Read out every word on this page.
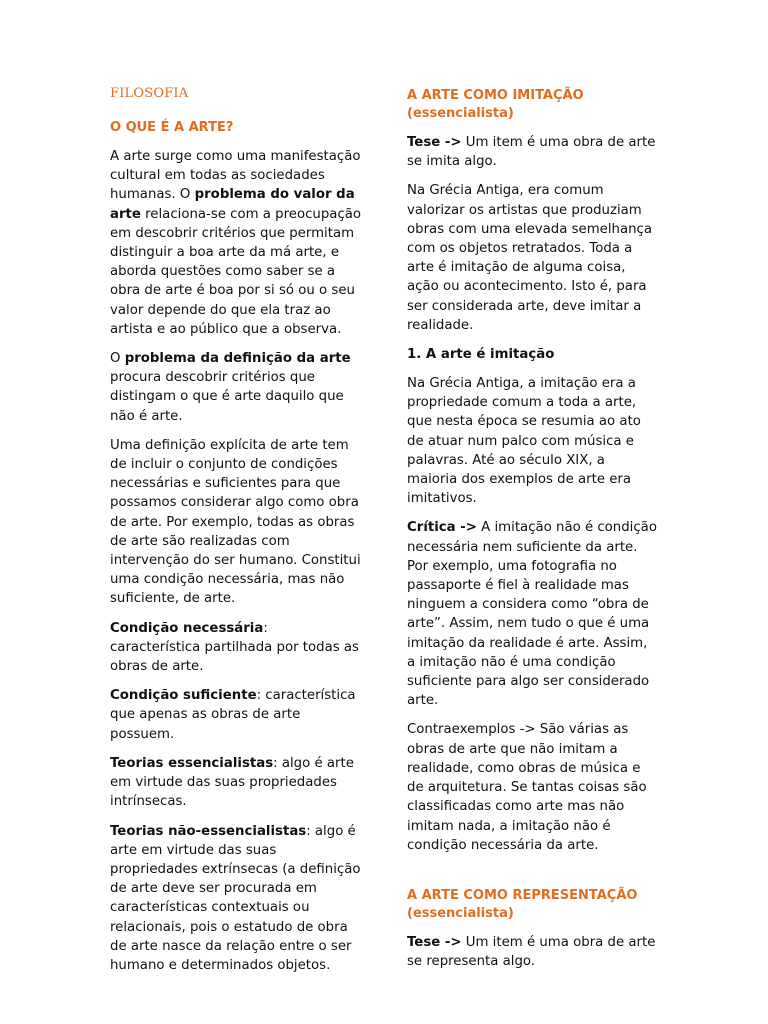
FILOSOFIA
O QUE É A ARTE?

A arte surge como uma manifestação cultural em todas as sociedades humanas. O problema do valor da arte relaciona-se com a preocupação em descobrir critérios que permitam distinguir a boa arte da má arte, e aborda questões como saber se a obra de arte é boa por si só ou o seu valor depende do que ela traz ao artista e ao público que a observa.

O problema da definição da arte procura descobrir critérios que distingam o que é arte daquilo que não é arte.

Uma definição explícita de arte tem de incluir o conjunto de condições necessárias e suficientes para que possamos considerar algo como obra de arte. Por exemplo, todas as obras de arte são realizadas com intervenção do ser humano. Constitui uma condição necessária, mas não suficiente, de arte.

Condição necessária: característica partilhada por todas as obras de arte.

Condição suficiente: característica que apenas as obras de arte possuem.

Teorias essencialistas: algo é arte em virtude das suas propriedades intrínsecas.

Teorias não-essencialistas: algo é arte em virtude das suas propriedades extrínsecas (a definição de arte deve ser procurada em características contextuais ou relacionais, pois o estatudo de obra de arte nasce da relação entre o ser humano e determinados objetos.

A ARTE COMO IMITAÇÃO (essencialista)

Tese -> Um item é uma obra de arte se imita algo.

Na Grécia Antiga, era comum valorizar os artistas que produziam obras com uma elevada semelhança com os objetos retratados. Toda a arte é imitação de alguma coisa, ação ou acontecimento. Isto é, para ser considerada arte, deve imitar a realidade.

1. A arte é imitação

Na Grécia Antiga, a imitação era a propriedade comum a toda a arte, que nesta época se resumia ao ato de atuar num palco com música e palavras. Até ao século XIX, a maioria dos exemplos de arte era imitativos.

Crítica -> A imitação não é condição necessária nem suficiente da arte. Por exemplo, uma fotografia no passaporte é fiel à realidade mas ninguem a considera como “obra de arte”. Assim, nem tudo o que é uma imitação da realidade é arte. Assim, a imitação não é uma condição suficiente para algo ser considerado arte.

Contraexemplos -> São várias as obras de arte que não imitam a realidade, como obras de música e de arquitetura. Se tantas coisas são classificadas como arte mas não imitam nada, a imitação não é condição necessária da arte.

A ARTE COMO REPRESENTAÇÃO (essencialista)

Tese -> Um item é uma obra de arte se representa algo.
